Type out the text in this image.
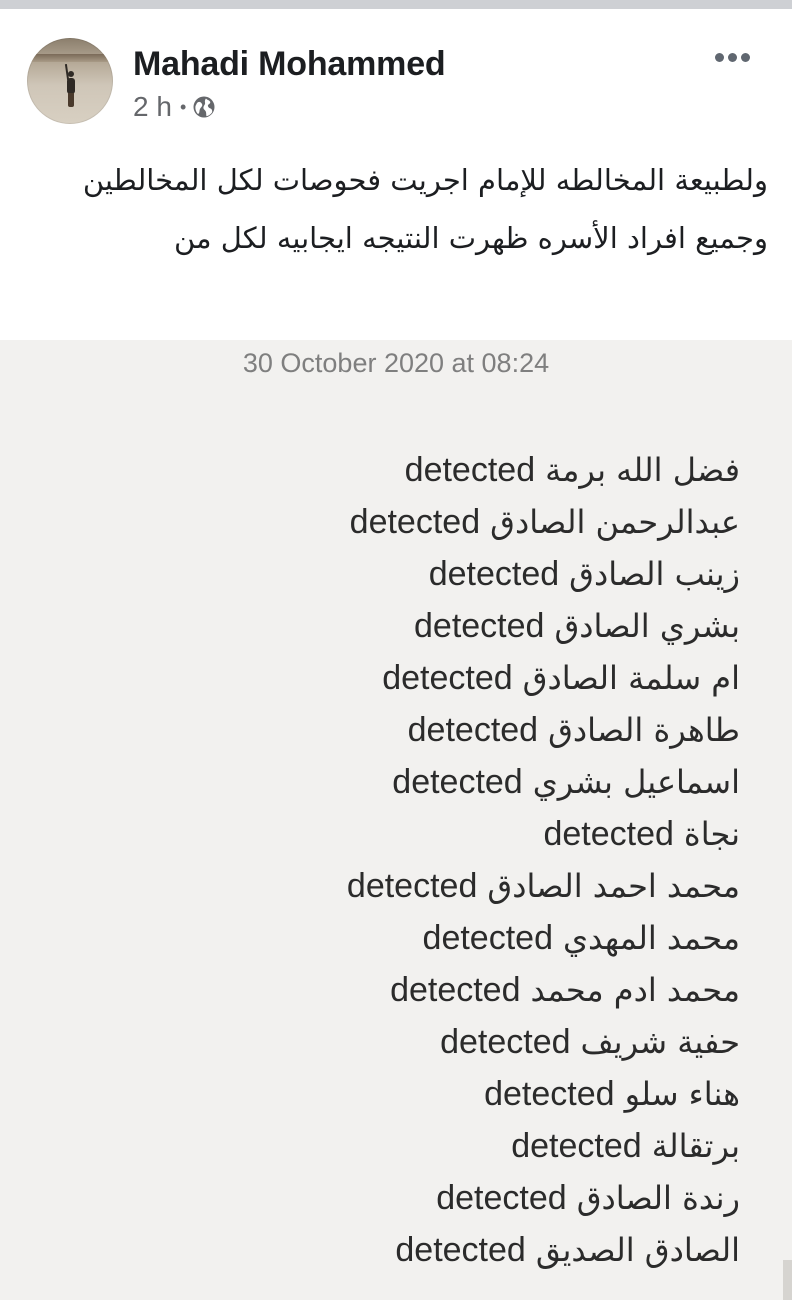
Mahadi Mohammed
2 h •
ولطبيعة المخالطه للإمام اجريت فحوصات لكل المخالطين وجميع افراد الأسره ظهرت النتيجه ايجابيه لكل من
30 October 2020 at 08:24
فضل الله برمةdetected
عبدالرحمن الصادقdetected
زينب الصادقdetected
بشري الصادقdetected
ام سلمة الصادقdetected
طاهرة الصادقdetected
اسماعيل بشريdetected
نجاةdetected
محمد احمد الصادقdetected
محمد المهديdetected
محمد ادم محمدdetected
حفية شريفdetected
هناء سلوdetected
برتقالةdetected
رندة الصادقdetected
الصادق الصديقdetected
